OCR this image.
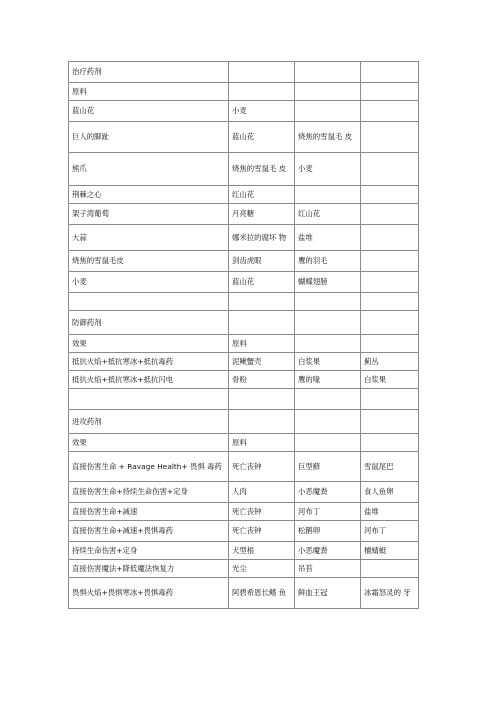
治疗药剂			
原料			
蓝山花	小麦		
巨人的脚趾	蓝山花	烧焦的雪鼠毛 皮	
熊爪	烧焦的雪鼠毛 皮	小麦	
荆棘之心	红山花		
架子湾葡萄	月亮糖	红山花	
大蒜	娜米拉的腐坏 物	盐堆	
烧焦的雪鼠毛皮	剑齿虎眼	鹰的羽毛	
小麦	蓝山花	蝴蝶翅膀	

防御药剂			
效果	原料		
抵抗火焰+抵抗寒冰+抵抗毒药	泥鳅蟹壳	白浆果	薊丛
抵抗火焰+抵抗寒冰+抵抗闪电	骨粉	鹰的喙	白浆果

进攻药剂			
效果	原料		
直接伤害生命 + Ravage Health+ 畏惧 毒药	死亡丧钟	巨型蘚	雪鼠尾巴
直接伤害生命+持续生命伤害+定身	人肉	小恶魔粪	食人鱼卵
直接伤害生命+减速	死亡丧钟	河布丁	盐堆
直接伤害生命+减速+畏惧毒药	死亡丧钟	松鹅卵	河布丁
持续生命伤害+定身	犬型根	小恶魔粪	檀蜻蜓
直接伤害魔法+降低魔法恢复力	光尘	吊苔	
畏惧火焰+畏惧寒冰+畏惧毒药	阿碧希恩长鳍 鱼	鲜血王冠	冰霜怒灵的 牙
